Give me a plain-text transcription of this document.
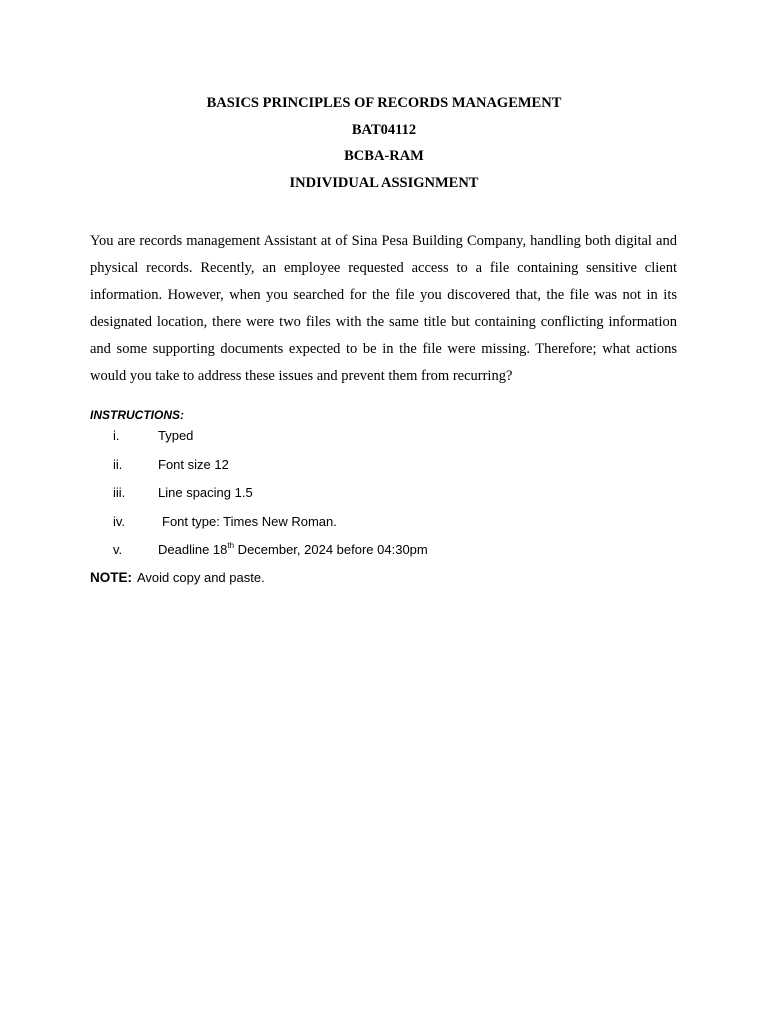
BASICS PRINCIPLES OF RECORDS MANAGEMENT
BAT04112
BCBA-RAM
INDIVIDUAL ASSIGNMENT

You are records management Assistant at of Sina Pesa Building Company, handling both digital and physical records. Recently, an employee requested access to a file containing sensitive client information. However, when you searched for the file you discovered that, the file was not in its designated location, there were two files with the same title but containing conflicting information and some supporting documents expected to be in the file were missing. Therefore; what actions would you take to address these issues and prevent them from recurring?

INSTRUCTIONS:
i.	Typed
ii.	Font size 12
iii.	Line spacing 1.5
iv.	Font type: Times New Roman.
v.	Deadline 18th December, 2024 before 04:30pm
NOTE: Avoid copy and paste.
